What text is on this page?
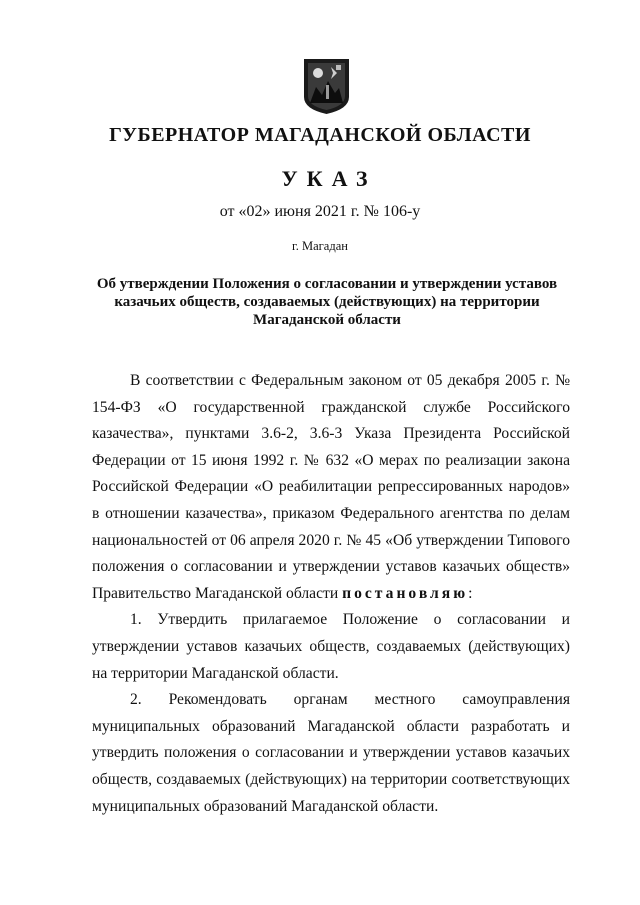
ГУБЕРНАТОР МАГАДАНСКОЙ ОБЛАСТИ
УКАЗ
от «02» июня 2021 г. № 106-у
г. Магадан
Об утверждении Положения о согласовании и утверждении уставов
казачьих обществ, создаваемых (действующих) на территории
Магаданской области

В соответствии с Федеральным законом от 05 декабря 2005 г. № 154-ФЗ «О государственной гражданской службе Российского казачества», пунктами 3.6-2, 3.6-3 Указа Президента Российской Федерации от 15 июня 1992 г. № 632 «О мерах по реализации закона Российской Федерации «О реабилитации репрессированных народов» в отношении казачества», приказом Федерального агентства по делам национальностей от 06 апреля 2020 г. № 45 «Об утверждении Типового положения о согласовании и утверждении уставов казачьих обществ» Правительство Магаданской области постановляю:

1. Утвердить прилагаемое Положение о согласовании и утверждении уставов казачьих обществ, создаваемых (действующих) на территории Магаданской области.

2. Рекомендовать органам местного самоуправления муниципальных образований Магаданской области разработать и утвердить положения о согласовании и утверждении уставов казачьих обществ, создаваемых (действующих) на территории соответствующих муниципальных образований Магаданской области.
